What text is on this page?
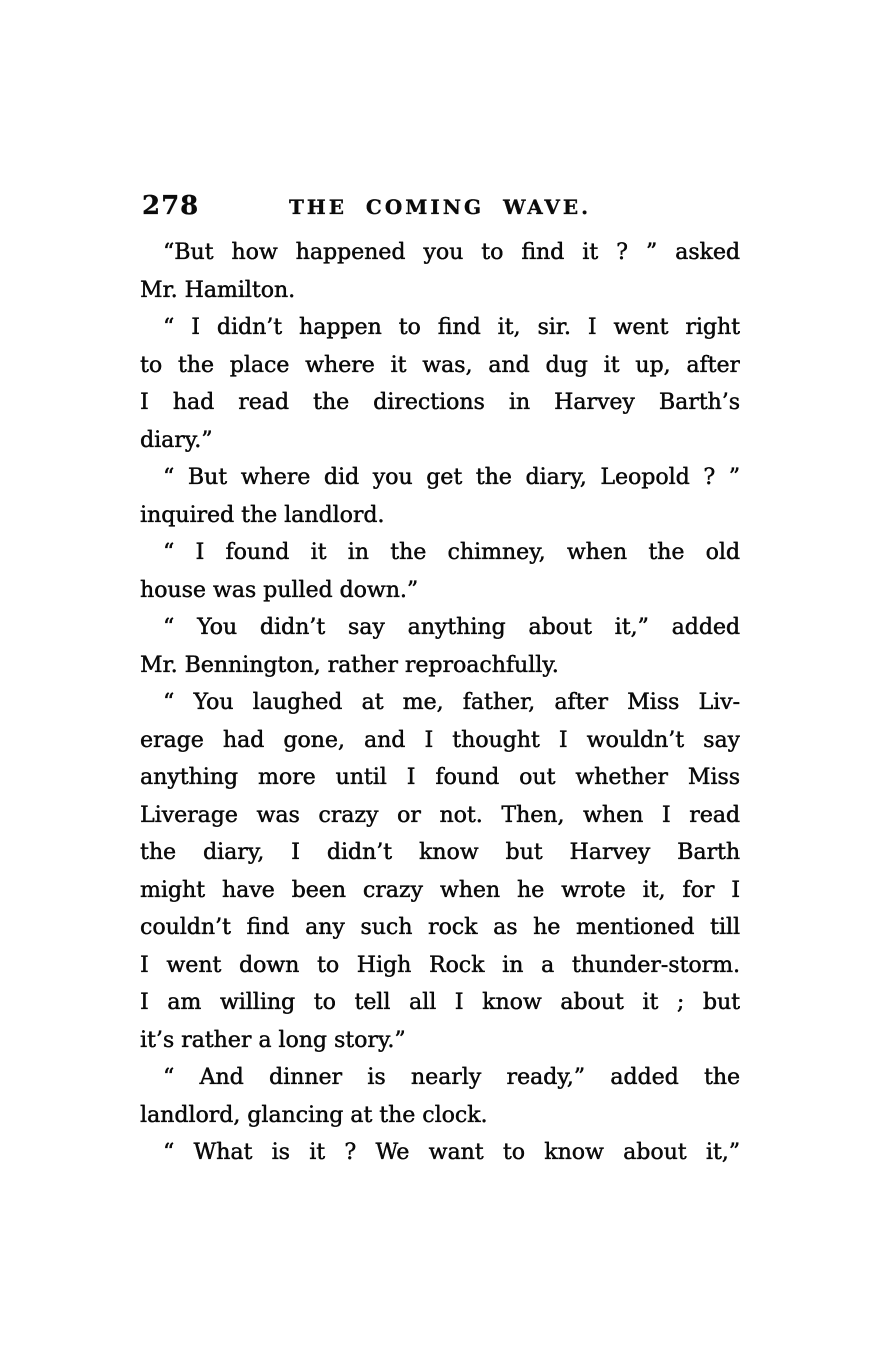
278	THE COMING WAVE.
“But how happened you to find it ? ” asked
Mr. Hamilton.
“ I didn’t happen to find it, sir. I went right
to the place where it was, and dug it up, after
I had read the directions in Harvey Barth’s
diary.”
“ But where did you get the diary, Leopold ? ”
inquired the landlord.
“ I found it in the chimney, when the old
house was pulled down.”
“ You didn’t say anything about it,” added
Mr. Bennington, rather reproachfully.
“ You laughed at me, father, after Miss Liv-
erage had gone, and I thought I wouldn’t say
anything more until I found out whether Miss
Liverage was crazy or not. Then, when I read
the diary, I didn’t know but Harvey Barth
might have been crazy when he wrote it, for I
couldn’t find any such rock as he mentioned till
I went down to High Rock in a thunder-storm.
I am willing to tell all I know about it ; but
it’s rather a long story.”
“ And dinner is nearly ready,” added the
landlord, glancing at the clock.
“ What is it ? We want to know about it,”
